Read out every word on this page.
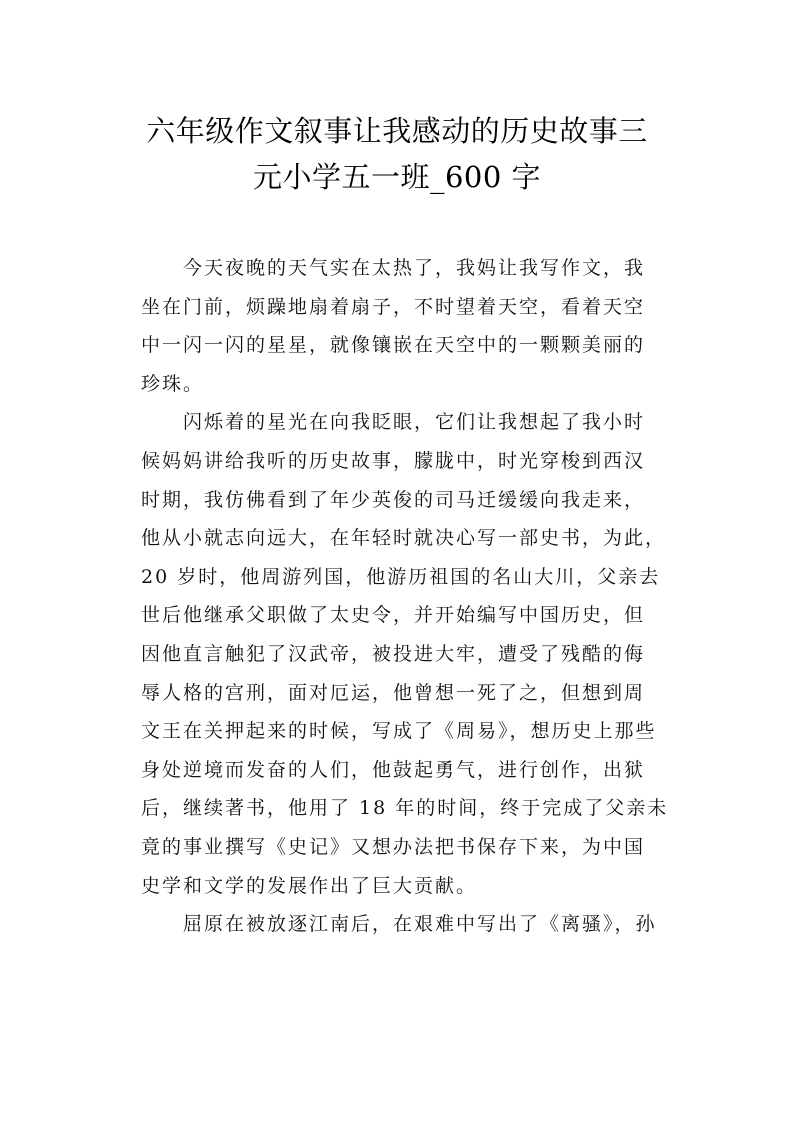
六年级作文叙事让我感动的历史故事三
元小学五一班_600 字
今天夜晚的天气实在太热了，我妈让我写作文，我
坐在门前，烦躁地扇着扇子，不时望着天空，看着天空
中一闪一闪的星星，就像镶嵌在天空中的一颗颗美丽的
珍珠。
闪烁着的星光在向我眨眼，它们让我想起了我小时
候妈妈讲给我听的历史故事，朦胧中，时光穿梭到西汉
时期，我仿佛看到了年少英俊的司马迁缓缓向我走来，
他从小就志向远大，在年轻时就决心写一部史书，为此，
20 岁时，他周游列国，他游历祖国的名山大川，父亲去
世后他继承父职做了太史令，并开始编写中国历史，但
因他直言触犯了汉武帝，被投进大牢，遭受了残酷的侮
辱人格的宫刑，面对厄运，他曾想一死了之，但想到周
文王在关押起来的时候，写成了《周易》，想历史上那些
身处逆境而发奋的人们，他鼓起勇气，进行创作，出狱
后，继续著书，他用了 18 年的时间，终于完成了父亲未
竟的事业撰写《史记》又想办法把书保存下来，为中国
史学和文学的发展作出了巨大贡献。
屈原在被放逐江南后，在艰难中写出了《离骚》，孙
